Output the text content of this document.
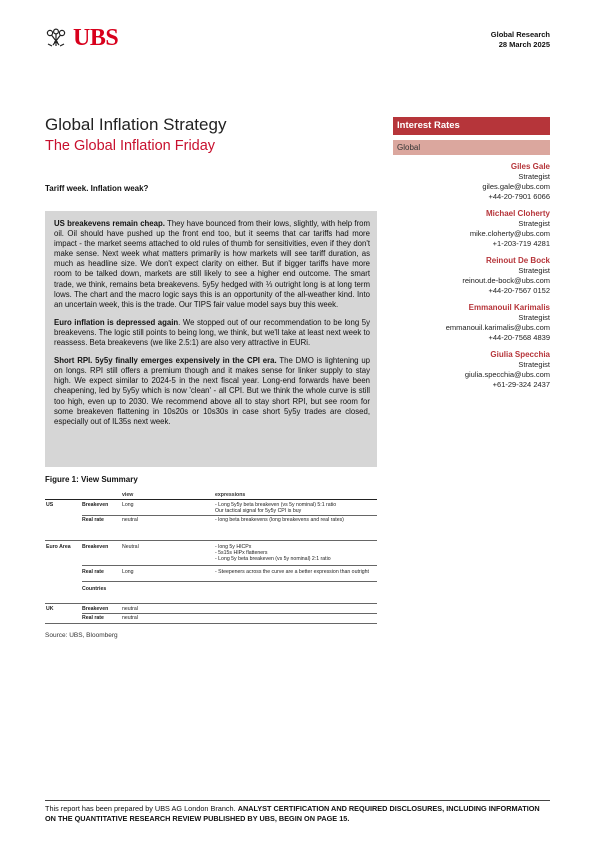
UBS	Global Research
28 March 2025
Global Inflation Strategy
The Global Inflation Friday
Tariff week. Inflation weak?
Interest Rates
Global
Giles Gale
Strategist
giles.gale@ubs.com
+44-20-7901 6066
Michael Cloherty
Strategist
mike.cloherty@ubs.com
+1-203-719 4281
Reinout De Bock
Strategist
reinout.de-bock@ubs.com
+44-20-7567 0152
Emmanouil Karimalis
Strategist
emmanouil.karimalis@ubs.com
+44-20-7568 4839
Giulia Specchia
Strategist
giulia.specchia@ubs.com
+61-29-324 2437

US breakevens remain cheap. They have bounced from their lows, slightly, with help from oil. Oil should have pushed up the front end too, but it seems that car tariffs had more impact - the market seems attached to old rules of thumb for sensitivities, even if they don't make sense. Next week what matters primarily is how markets will see tariff duration, as much as headline size. We don't expect clarity on either. But if bigger tariffs have more room to be talked down, markets are still likely to see a higher end outcome. The smart trade, we think, remains beta breakevens. 5y5y hedged with ⅓ outright long is at long term lows. The chart and the macro logic says this is an opportunity of the all-weather kind. Into an uncertain week, this is the trade. Our TIPS fair value model says buy this week.

Euro inflation is depressed again. We stopped out of our recommendation to be long 5y breakevens. The logic still points to being long, we think, but we'll take at least next week to reassess. Beta breakevens (we like 2.5:1) are also very attractive in EURi.

Short RPI. 5y5y finally emerges expensively in the CPI era. The DMO is lightening up on longs. RPI still offers a premium though and it makes sense for linker supply to stay high. We expect similar to 2024-5 in the next fiscal year. Long-end forwards have been cheapening, led by 5y5y which is now 'clean' - all CPI. But we think the whole curve is still too high, even up to 2030. We recommend above all to stay short RPI, but see room for some breakeven flattening in 10s20s or 10s30s in case short 5y5y trades are closed, especially out of IL35s next week.

Figure 1: View Summary
view	expressions
US	Breakeven	Long	- Long 5y5y beta breakeven (vs 5y nominal) 5:1 ratio
Our tactical signal for 5y5y CPI is buy
Real rate	neutral	- long beta breakevens (long breakevens and real rates)
Euro Area Breakeven	Neutral	- long 5y HICPx
- 5s15s HIPx flatteners
- Long 5y beta breakeven (vs 5y nominal) 2:1 ratio
Real rate	Long	- Steepeners across the curve are a better expression than outright
Countries
UK	Breakeven	neutral
Real rate	neutral
Source: UBS, Bloomberg
This report has been prepared by UBS AG London Branch. ANALYST CERTIFICATION AND REQUIRED DISCLOSURES, INCLUDING INFORMATION ON THE QUANTITATIVE RESEARCH REVIEW PUBLISHED BY UBS, BEGIN ON PAGE 15.
